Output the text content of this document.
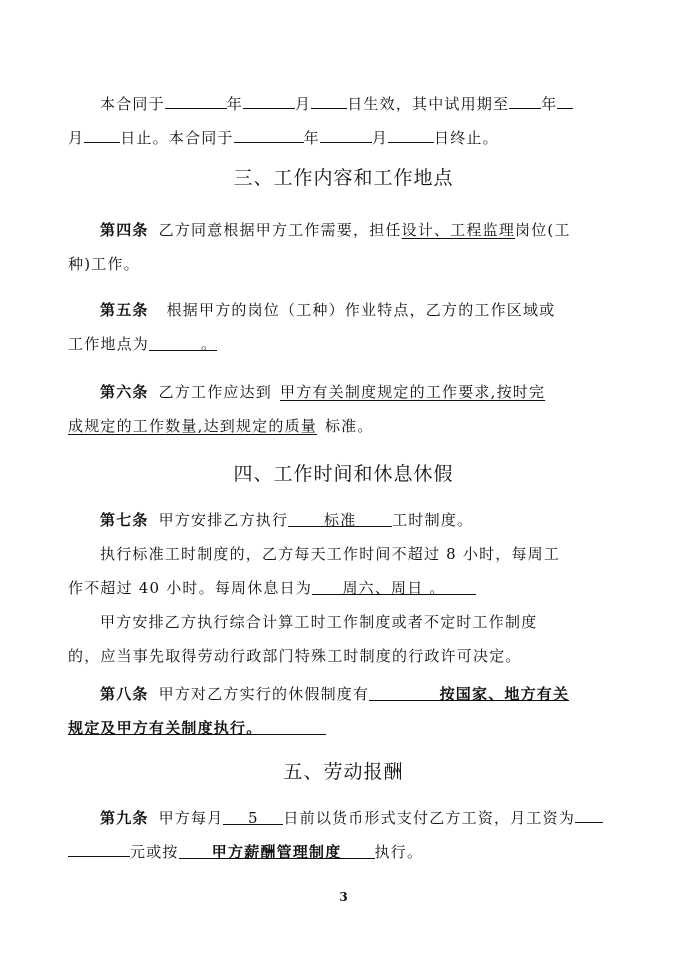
本合同于	年	月 日生效，其中试用期至 年
月 日止。本合同于	年	月	日终止。
三、工作内容和工作地点
第四条 乙方同意根据甲方工作需要，担任设计、工程监理岗位(工
种)工作。
第五条 根据甲方的岗位（工种）作业特点，乙方的工作区域或
工作地点为	。
第六条 乙方工作应达到 甲方有关制度规定的工作要求,按时完
成规定的工作数量,达到规定的质量 标准。
四、工作时间和休息休假
第七条 甲方安排乙方执行 标准 工时制度。
执行标准工时制度的，乙方每天工作时间不超过 8 小时，每周工
作不超过 40 小时。每周休息日为 周六、周日 。
甲方安排乙方执行综合计算工时工作制度或者不定时工作制度
的，应当事先取得劳动行政部门特殊工时制度的行政许可决定。
第八条 甲方对乙方实行的休假制度有	按国家、地方有关
规定及甲方有关制度执行。
五、劳动报酬
第九条 甲方每月 5 日前以货币形式支付乙方工资，月工资为
元或按 甲方薪酬管理制度 执行。
3
